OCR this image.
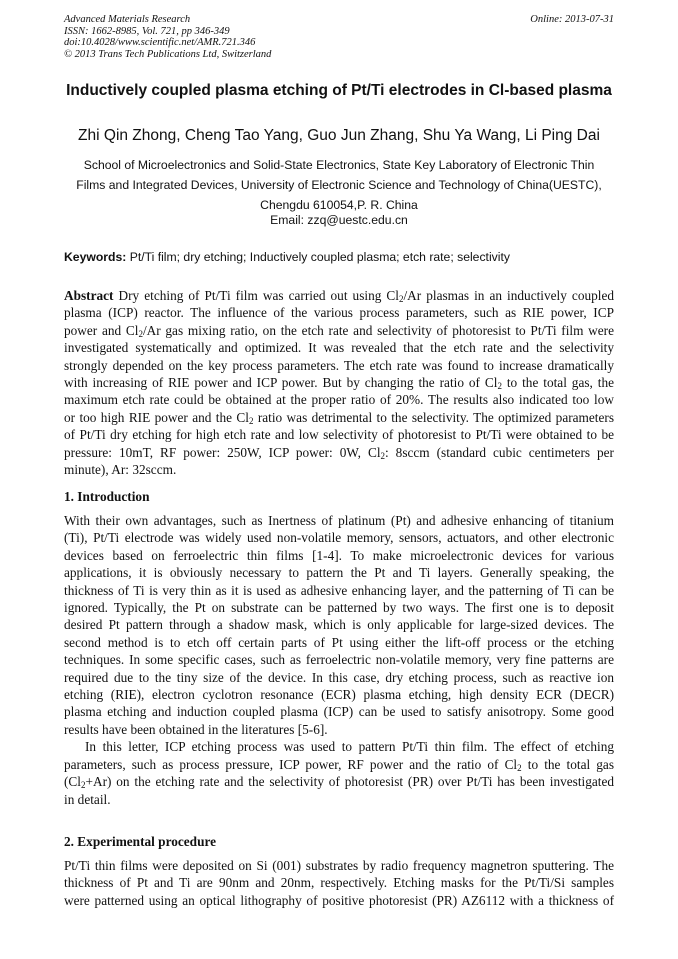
Advanced Materials Research
ISSN: 1662-8985, Vol. 721, pp 346-349
doi:10.4028/www.scientific.net/AMR.721.346
© 2013 Trans Tech Publications Ltd, Switzerland
Online: 2013-07-31
Inductively coupled plasma etching of Pt/Ti electrodes in Cl-based plasma
Zhi Qin Zhong, Cheng Tao Yang, Guo Jun Zhang, Shu Ya Wang, Li Ping Dai
School of Microelectronics and Solid-State Electronics, State Key Laboratory of Electronic Thin
Films and Integrated Devices, University of Electronic Science and Technology of China(UESTC),
Chengdu 610054,P. R. China
Email: zzq@uestc.edu.cn
Keywords: Pt/Ti film; dry etching; Inductively coupled plasma; etch rate; selectivity
Abstract Dry etching of Pt/Ti film was carried out using $Cl_2/Ar$ plasmas in an inductively coupled
plasma (ICP) reactor. The influence of the various process parameters, such as RIE power, ICP
power and $Cl_2/Ar$ gas mixing ratio, on the etch rate and selectivity of photoresist to Pt/Ti film were
investigated systematically and optimized. It was revealed that the etch rate and the selectivity
strongly depended on the key process parameters. The etch rate was found to increase dramatically
with increasing of RIE power and ICP power. But by changing the ratio of $Cl_2$ to the total gas, the
maximum etch rate could be obtained at the proper ratio of 20%. The results also indicated too low
or too high RIE power and the $Cl_2$ ratio was detrimental to the selectivity. The optimized parameters
of Pt/Ti dry etching for high etch rate and low selectivity of photoresist to Pt/Ti were obtained to be
pressure: 10mT, RF power: 250W, ICP power: 0W, $Cl_2$: 8sccm (standard cubic centimeters per
minute), Ar: 32sccm.
1. Introduction
With their own advantages, such as Inertness of platinum (Pt) and adhesive enhancing of titanium
(Ti), Pt/Ti electrode was widely used non-volatile memory, sensors, actuators, and other electronic
devices based on ferroelectric thin films [1-4]. To make microelectronic devices for various
applications, it is obviously necessary to pattern the Pt and Ti layers. Generally speaking, the
thickness of Ti is very thin as it is used as adhesive enhancing layer, and the patterning of Ti can be
ignored. Typically, the Pt on substrate can be patterned by two ways. The first one is to deposit
desired Pt pattern through a shadow mask, which is only applicable for large-sized devices. The
second method is to etch off certain parts of Pt using either the lift-off process or the etching
techniques. In some specific cases, such as ferroelectric non-volatile memory, very fine patterns are
required due to the tiny size of the device. In this case, dry etching process, such as reactive ion
etching (RIE), electron cyclotron resonance (ECR) plasma etching, high density ECR (DECR)
plasma etching and induction coupled plasma (ICP) can be used to satisfy anisotropy. Some good
results have been obtained in the literatures [5-6].
In this letter, ICP etching process was used to pattern Pt/Ti thin film. The effect of etching
parameters, such as process pressure, ICP power, RF power and the ratio of $Cl_2$ to the total gas
$(Cl_2+Ar)$ on the etching rate and the selectivity of photoresist (PR) over Pt/Ti has been investigated
in detail.
2. Experimental procedure
Pt/Ti thin films were deposited on Si (001) substrates by radio frequency magnetron sputtering. The
thickness of Pt and Ti are 90nm and 20nm, respectively. Etching masks for the Pt/Ti/Si samples
were patterned using an optical lithography of positive photoresist (PR) AZ6112 with a thickness of
